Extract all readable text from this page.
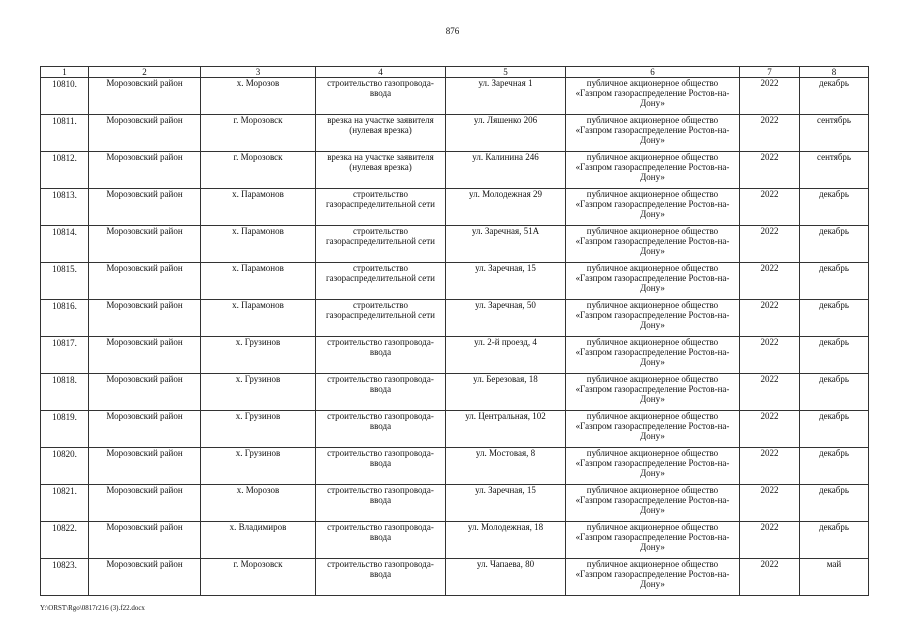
876
1	2	3	4	5	6	7	8
10810.	Морозовский район	х. Морозов	строительство газопровода-ввода	ул. Заречная 1	публичное акционерное общество «Газпром газораспределение Ростов-на-Дону»	2022	декабрь
10811.	Морозовский район	г. Морозовск	врезка на участке заявителя (нулевая врезка)	ул. Ляшенко 206	публичное акционерное общество «Газпром газораспределение Ростов-на-Дону»	2022	сентябрь
10812.	Морозовский район	г. Морозовск	врезка на участке заявителя (нулевая врезка)	ул. Калинина 246	публичное акционерное общество «Газпром газораспределение Ростов-на-Дону»	2022	сентябрь
10813.	Морозовский район	х. Парамонов	строительство газораспределительной сети	ул. Молодежная 29	публичное акционерное общество «Газпром газораспределение Ростов-на-Дону»	2022	декабрь
10814.	Морозовский район	х. Парамонов	строительство газораспределительной сети	ул. Заречная, 51А	публичное акционерное общество «Газпром газораспределение Ростов-на-Дону»	2022	декабрь
10815.	Морозовский район	х. Парамонов	строительство газораспределительной сети	ул. Заречная, 15	публичное акционерное общество «Газпром газораспределение Ростов-на-Дону»	2022	декабрь
10816.	Морозовский район	х. Парамонов	строительство газораспределительной сети	ул. Заречная, 50	публичное акционерное общество «Газпром газораспределение Ростов-на-Дону»	2022	декабрь
10817.	Морозовский район	х. Грузинов	строительство газопровода-ввода	ул. 2-й проезд, 4	публичное акционерное общество «Газпром газораспределение Ростов-на-Дону»	2022	декабрь
10818.	Морозовский район	х. Грузинов	строительство газопровода-ввода	ул. Березовая, 18	публичное акционерное общество «Газпром газораспределение Ростов-на-Дону»	2022	декабрь
10819.	Морозовский район	х. Грузинов	строительство газопровода-ввода	ул. Центральная, 102	публичное акционерное общество «Газпром газораспределение Ростов-на-Дону»	2022	декабрь
10820.	Морозовский район	х. Грузинов	строительство газопровода-ввода	ул. Мостовая, 8	публичное акционерное общество «Газпром газораспределение Ростов-на-Дону»	2022	декабрь
10821.	Морозовский район	х. Морозов	строительство газопровода-ввода	ул. Заречная, 15	публичное акционерное общество «Газпром газораспределение Ростов-на-Дону»	2022	декабрь
10822.	Морозовский район	х. Владимиров	строительство газопровода-ввода	ул. Молодежная, 18	публичное акционерное общество «Газпром газораспределение Ростов-на-Дону»	2022	декабрь
10823.	Морозовский район	г. Морозовск	строительство газопровода-ввода	ул. Чапаева, 80	публичное акционерное общество «Газпром газораспределение Ростов-на-Дону»	2022	май
Y:\ORST\Rgo\0817r216 (3).f22.docx
